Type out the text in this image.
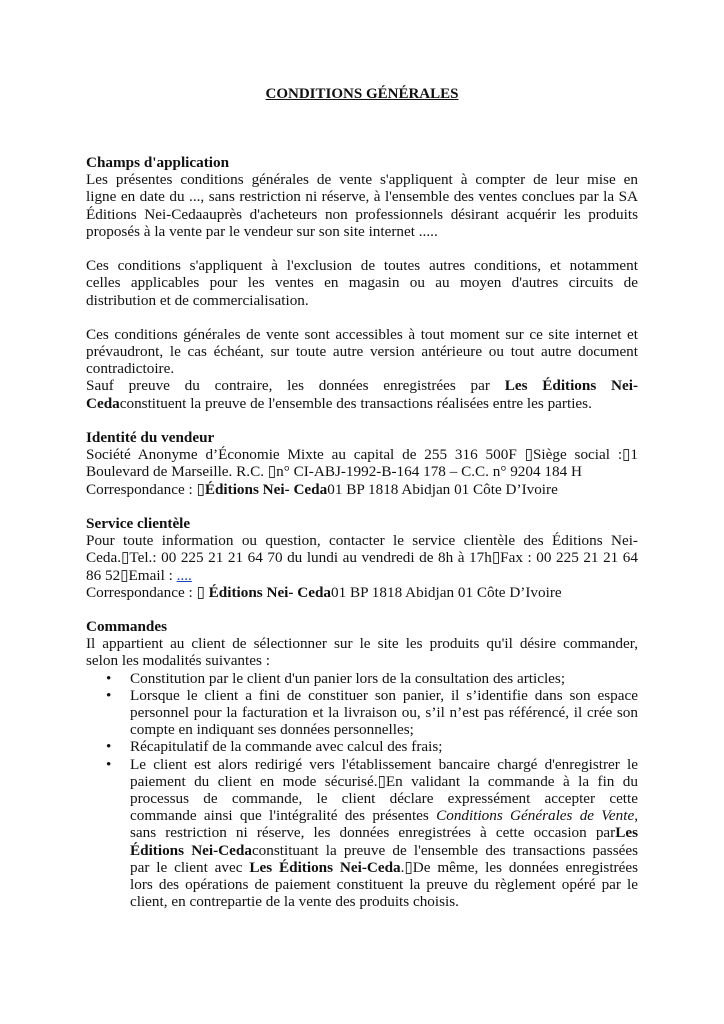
CONDITIONS GÉNÉRALES
Champs d'application
Les présentes conditions générales de vente s'appliquent à compter de leur mise en
ligne en date du ..., sans restriction ni réserve, à l'ensemble des ventes conclues par la SA
Éditions Nei-Cedaauprès d'acheteurs non professionnels désirant acquérir les produits
proposés à la vente par le vendeur sur son site internet .....
Ces conditions s'appliquent à l'exclusion de toutes autres conditions, et notamment
celles applicables pour les ventes en magasin ou au moyen d'autres circuits de
distribution et de commercialisation.
Ces conditions générales de vente sont accessibles à tout moment sur ce site internet et
prévaudront, le cas échéant, sur toute autre version antérieure ou tout autre document
contradictoire.
Sauf preuve du contraire, les données enregistrées par Les Éditions Nei-
Cedaconstituent la preuve de l'ensemble des transactions réalisées entre les parties.
Identité du vendeur
Société Anonyme d’Économie Mixte au capital de 255 316 500F ▯Siège social :▯1
Boulevard de Marseille. R.C. ▯n° CI-ABJ-1992-B-164 178 – C.C. n° 9204 184 H
Correspondance : ▯Éditions Nei- Ceda01 BP 1818 Abidjan 01 Côte D’Ivoire
Service clientèle
Pour toute information ou question, contacter le service clientèle des Éditions Nei-
Ceda.▯Tel.: 00 225 21 21 64 70 du lundi au vendredi de 8h à 17h▯Fax : 00 225 21 21 64
86 52▯Email : ....
Correspondance : ▯ Éditions Nei- Ceda01 BP 1818 Abidjan 01 Côte D’Ivoire
Commandes
Il appartient au client de sélectionner sur le site les produits qu'il désire commander,
selon les modalités suivantes :
• Constitution par le client d'un panier lors de la consultation des articles;
• Lorsque le client a fini de constituer son panier, il s’identifie dans son espace
personnel pour la facturation et la livraison ou, s’il n’est pas référencé, il crée son
compte en indiquant ses données personnelles;
• Récapitulatif de la commande avec calcul des frais;
• Le client est alors redirigé vers l'établissement bancaire chargé d'enregistrer le
paiement du client en mode sécurisé.▯En validant la commande à la fin du
processus de commande, le client déclare expressément accepter cette
commande ainsi que l'intégralité des présentes Conditions Générales de Vente,
sans restriction ni réserve, les données enregistrées à cette occasion parLes
Éditions Nei-Cedaconstituant la preuve de l'ensemble des transactions passées
par le client avec Les Éditions Nei-Ceda.▯De même, les données enregistrées
lors des opérations de paiement constituent la preuve du règlement opéré par le
client, en contrepartie de la vente des produits choisis.
